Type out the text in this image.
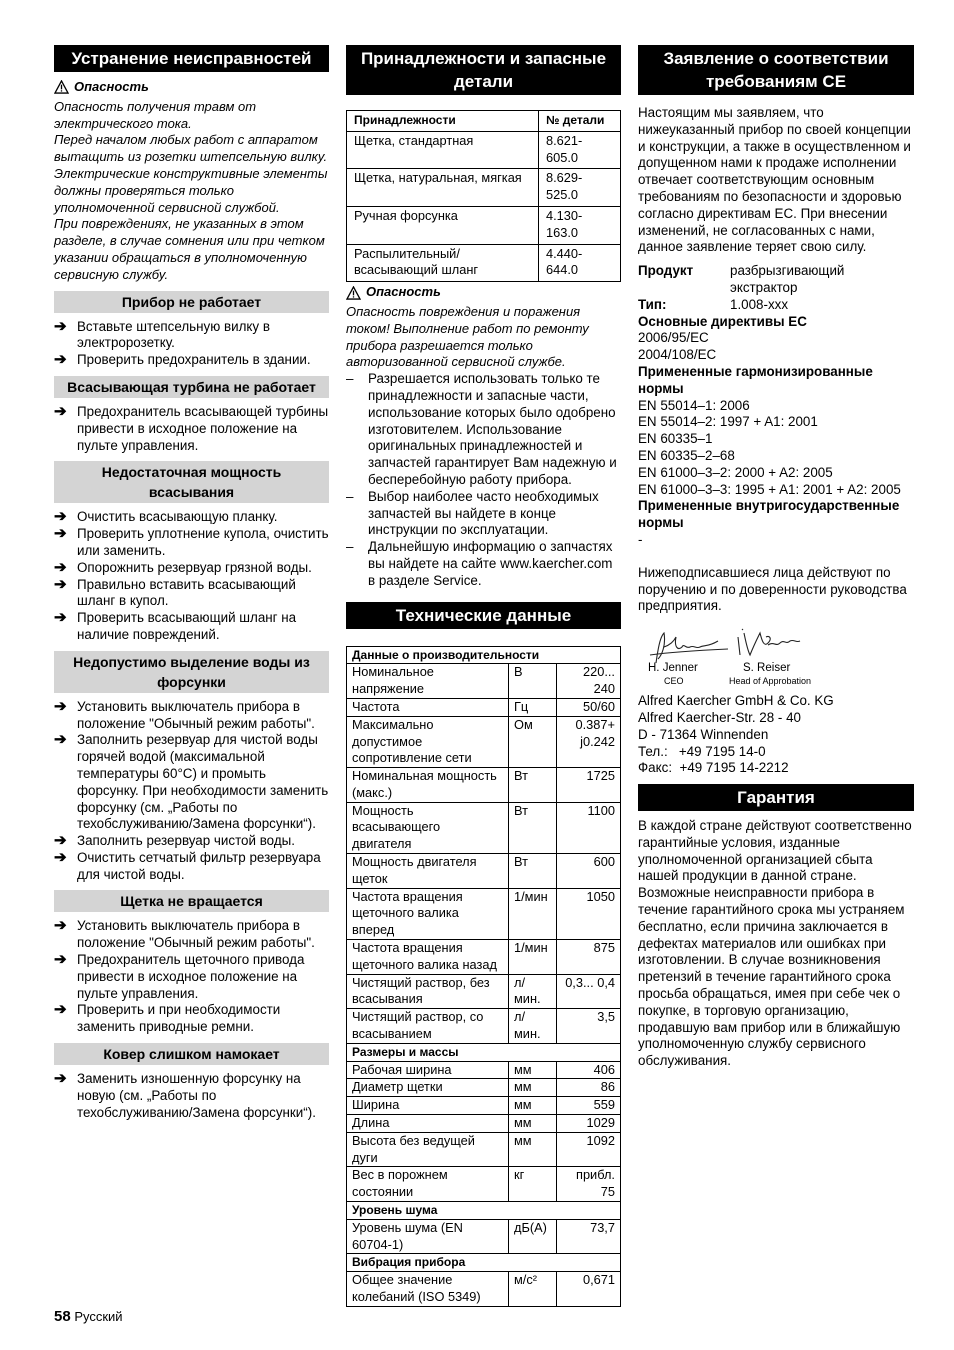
Устранение неисправностей
Опасность
Опасность получения травм от электрического тока.
Перед началом любых работ с аппаратом вытащить из розетки штепсельную вилку.
Электрические конструктивные элементы должны проверяться только уполномоченной сервисной службой.
При повреждениях, не указанных в этом разделе, в случае сомнения или при четком указании обращаться в уполномоченную сервисную службу.
Прибор не работает
➔ Вставьте штепсельную вилку в электророзетку.
➔ Проверить предохранитель в здании.
Всасывающая турбина не работает
➔ Предохранитель всасывающей турбины привести в исходное положение на пульте управления.
Недостаточная мощность всасывания
➔ Очистить всасывающую планку.
➔ Проверить уплотнение купола, очистить или заменить.
➔ Опорожнить резервуар грязной воды.
➔ Правильно вставить всасывающий шланг в купол.
➔ Проверить всасывающий шланг на наличие повреждений.
Недопустимо выделение воды из форсунки
➔ Установить выключатель прибора в положение "Обычный режим работы".
➔ Заполнить резервуар для чистой воды горячей водой (максимальной температуры 60°C) и промыть форсунку. При необходимости заменить форсунку (см. „Работы по техобслуживанию/Замена форсунки“).
➔ Заполнить резервуар чистой воды.
➔ Очистить сетчатый фильтр резервуара для чистой воды.
Щетка не вращается
➔ Установить выключатель прибора в положение "Обычный режим работы".
➔ Предохранитель щеточного привода привести в исходное положение на пульте управления.
➔ Проверить и при необходимости заменить приводные ремни.
Ковер слишком намокает
➔ Заменить изношенную форсунку на новую (см. „Работы по техобслуживанию/Замена форсунки“).
Принадлежности и запасные детали
Принадлежности	№ детали
Щетка, стандартная	8.621-605.0
Щетка, натуральная, мягкая	8.629-525.0
Ручная форсунка	4.130-163.0
Распылительный/ всасывающий шланг	4.440-644.0
Опасность
Опасность повреждения и поражения током! Выполнение работ по ремонту прибора разрешается только авторизованной сервисной службе.
–	Разрешается использовать только те принадлежности и запасные части, использование которых было одобрено изготовителем. Использование оригинальных принадлежностей и запчастей гарантирует Вам надежную и бесперебойную работу прибора.
–	Выбор наиболее часто необходимых запчастей вы найдете в конце инструкции по эксплуатации.
–	Дальнейшую информацию о запчастях вы найдете на сайте www.kaercher.com в разделе Service.
Технические данные
Данные о производительности		
Номинальное напряжение	В	220... 240
Частота	Гц	50/60
Максимально допустимое сопротивление сети	Ом	0.387+ j0.242
Номинальная мощность (макс.)	Вт	1725
Мощность всасывающего двигателя	Вт	1100
Мощность двигателя щеток	Вт	600
Частота вращения щеточного валика вперед	1/мин	1050
Частота вращения щеточного валика назад	1/мин	875
Чистящий раствор, без всасывания	л/ мин.	0,3... 0,4
Чистящий раствор, со всасыванием	л/ мин.	3,5
Размеры и массы		
Рабочая ширина	мм	406
Диаметр щетки	мм	86
Ширина	мм	559
Длина	мм	1029
Высота без ведущей дуги	мм	1092
Вес в порожнем состоянии	кг	прибл. 75
Уровень шума		
Уровень шума (EN 60704-1)	дБ(А)	73,7
Вибрация прибора		
Общее значение колебаний (ISO 5349)	м/с²	0,671
Заявление о соответствии требованиям CE
Настоящим мы заявляем, что нижеуказанный прибор по своей концепции и конструкции, а также в осуществленном и допущенном нами к продаже исполнении отвечает соответствующим основным требованиям по безопасности и здоровью согласно директивам ЕС. При внесении изменений, не согласованных с нами, данное заявление теряет свою силу.
Продукт	разбрызгивающий экстрактор
Тип:	1.008-xxx
Основные директивы ЕС
2006/95/ЕС
2004/108/EC
Примененные гармонизированные нормы
EN 55014–1: 2006
EN 55014–2: 1997 + A1: 2001
EN 60335–1
EN 60335–2–68
EN 61000–3–2: 2000 + A2: 2005
EN 61000–3–3: 1995 + A1: 2001 + A2: 2005
Примененные внутригосударственные нормы
-
Нижеподписавшиеся лица действуют по поручению и по доверенности руководства предприятия.
H. Jenner
CEO
S. Reiser
Head of Approbation
Alfred Kaercher GmbH & Co. KG
Alfred Kaercher-Str. 28 - 40
D - 71364 Winnenden
Тел.:   +49 7195 14-0
Факс:  +49 7195 14-2212
Гарантия
В каждой стране действуют соответственно гарантийные условия, изданные уполномоченной организацией сбыта нашей продукции в данной стране. Возможные неисправности прибора в течение гарантийного срока мы устраняем бесплатно, если причина заключается в дефектах материалов или ошибках при изготовлении. В случае возникновения претензий в течение гарантийного срока просьба обращаться, имея при себе чек о покупке, в торговую организацию, продавшую вам прибор или в ближайшую уполномоченную службу сервисного обслуживания.
58 Русский
